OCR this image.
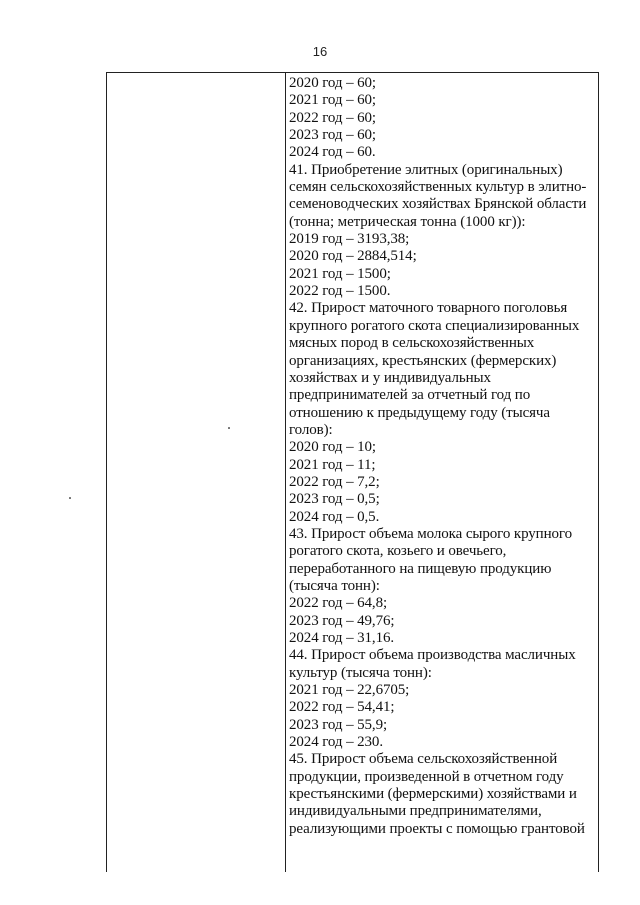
16
2020 год – 60;
2021 год – 60;
2022 год – 60;
2023 год – 60;
2024 год – 60.
41. Приобретение элитных (оригинальных)
семян сельскохозяйственных культур в элитно-
семеноводческих хозяйствах Брянской области
(тонна; метрическая тонна (1000 кг)):
2019 год – 3193,38;
2020 год – 2884,514;
2021 год – 1500;
2022 год – 1500.
42. Прирост маточного товарного поголовья
крупного рогатого скота специализированных
мясных пород в сельскохозяйственных
организациях, крестьянских (фермерских)
хозяйствах и у индивидуальных
предпринимателей за отчетный год по
отношению к предыдущему году (тысяча
голов):
2020 год – 10;
2021 год – 11;
2022 год – 7,2;
2023 год – 0,5;
2024 год – 0,5.
43. Прирост объема молока сырого крупного
рогатого скота, козьего и овечьего,
переработанного на пищевую продукцию
(тысяча тонн):
2022 год – 64,8;
2023 год – 49,76;
2024 год – 31,16.
44. Прирост объема производства масличных
культур (тысяча тонн):
2021 год – 22,6705;
2022 год – 54,41;
2023 год – 55,9;
2024 год – 230.
45. Прирост объема сельскохозяйственной
продукции, произведенной в отчетном году
крестьянскими (фермерскими) хозяйствами и
индивидуальными предпринимателями,
реализующими проекты с помощью грантовой
